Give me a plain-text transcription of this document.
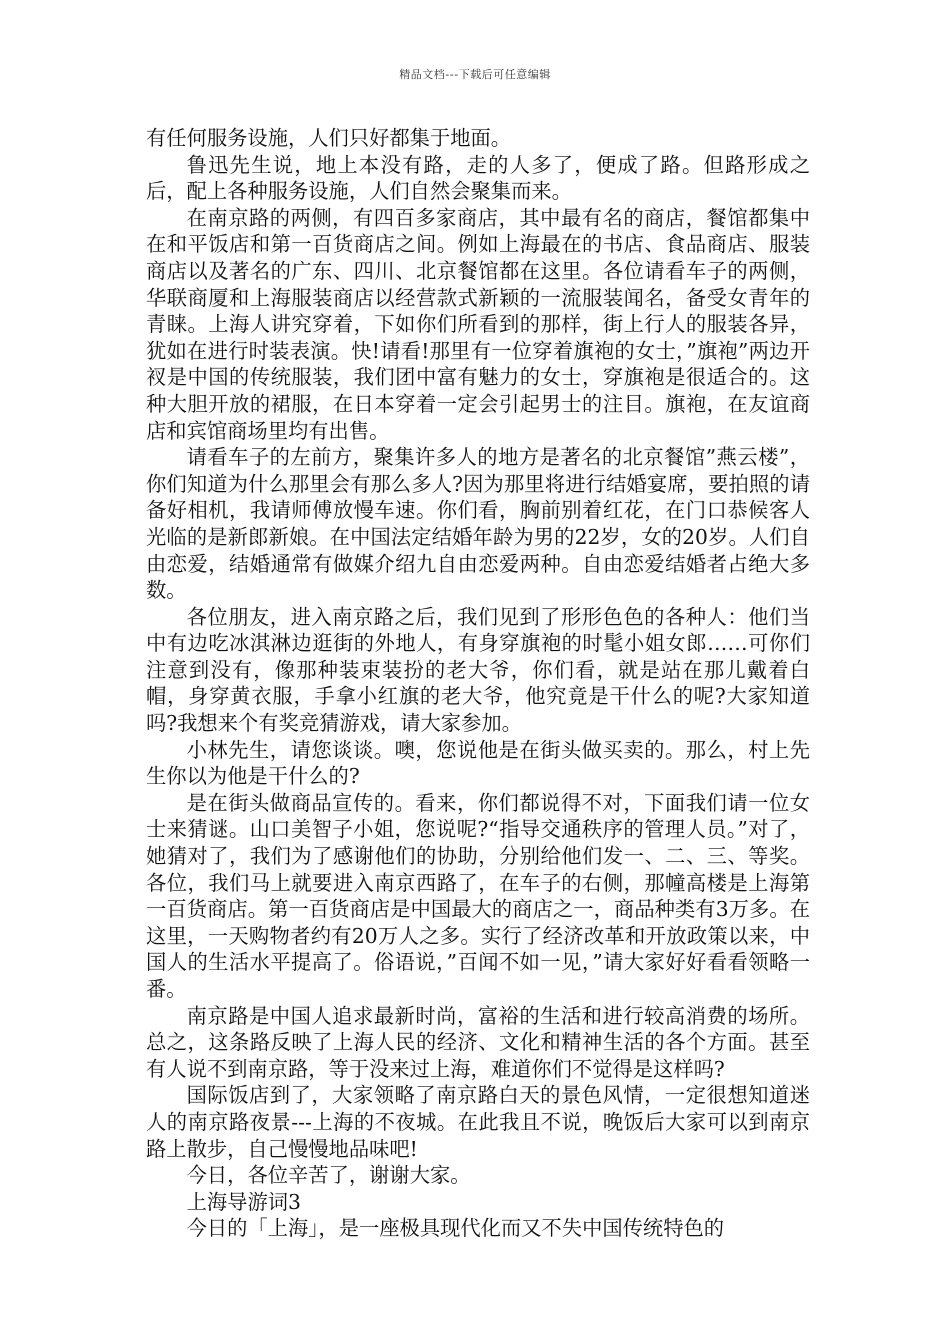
精品文档---下载后可任意编辑

有任何服务设施，人们只好都集于地面。

鲁迅先生说，地上本没有路，走的人多了，便成了路。但路形成之后，配上各种服务设施，人们自然会聚集而来。

在南京路的两侧，有四百多家商店，其中最有名的商店，餐馆都集中在和平饭店和第一百货商店之间。例如上海最在的书店、食品商店、服装商店以及著名的广东、四川、北京餐馆都在这里。各位请看车子的两侧，华联商厦和上海服装商店以经营款式新颖的一流服装闻名，备受女青年的青睐。上海人讲究穿着，下如你们所看到的那样，街上行人的服装各异，犹如在进行时装表演。快!请看!那里有一位穿着旗袍的女士，”旗袍”两边开衩是中国的传统服装，我们团中富有魅力的女士，穿旗袍是很适合的。这种大胆开放的裙服，在日本穿着一定会引起男士的注目。旗袍，在友谊商店和宾馆商场里均有出售。

请看车子的左前方，聚集许多人的地方是著名的北京餐馆”燕云楼”，你们知道为什么那里会有那么多人?因为那里将进行结婚宴席，要拍照的请备好相机，我请师傅放慢车速。你们看，胸前别着红花，在门口恭候客人光临的是新郎新娘。在中国法定结婚年龄为男的22岁，女的20岁。人们自由恋爱，结婚通常有做媒介绍九自由恋爱两种。自由恋爱结婚者占绝大多数。

各位朋友，进入南京路之后，我们见到了形形色色的各种人：他们当中有边吃冰淇淋边逛街的外地人，有身穿旗袍的时髦小姐女郎……可你们注意到没有，像那种装束装扮的老大爷，你们看，就是站在那儿戴着白帽，身穿黄衣服，手拿小红旗的老大爷，他究竟是干什么的呢?大家知道吗?我想来个有奖竞猜游戏，请大家参加。

小林先生，请您谈谈。噢，您说他是在街头做买卖的。那么，村上先生你以为他是干什么的?

是在街头做商品宣传的。看来，你们都说得不对，下面我们请一位女士来猜谜。山口美智子小姐，您说呢?“指导交通秩序的管理人员。”对了，她猜对了，我们为了感谢他们的协助，分别给他们发一、二、三、等奖。各位，我们马上就要进入南京西路了，在车子的右侧，那幢高楼是上海第一百货商店。第一百货商店是中国最大的商店之一，商品种类有3万多。在这里，一天购物者约有20万人之多。实行了经济改革和开放政策以来，中国人的生活水平提高了。俗语说，”百闻不如一见，”请大家好好看看领略一番。

南京路是中国人追求最新时尚，富裕的生活和进行较高消费的场所。总之，这条路反映了上海人民的经济、文化和精神生活的各个方面。甚至有人说不到南京路，等于没来过上海，难道你们不觉得是这样吗?

国际饭店到了，大家领略了南京路白天的景色风情，一定很想知道迷人的南京路夜景---上海的不夜城。在此我且不说，晚饭后大家可以到南京路上散步，自己慢慢地品味吧!

今日，各位辛苦了，谢谢大家。

上海导游词3

今日的「上海」，是一座极具现代化而又不失中国传统特色的
